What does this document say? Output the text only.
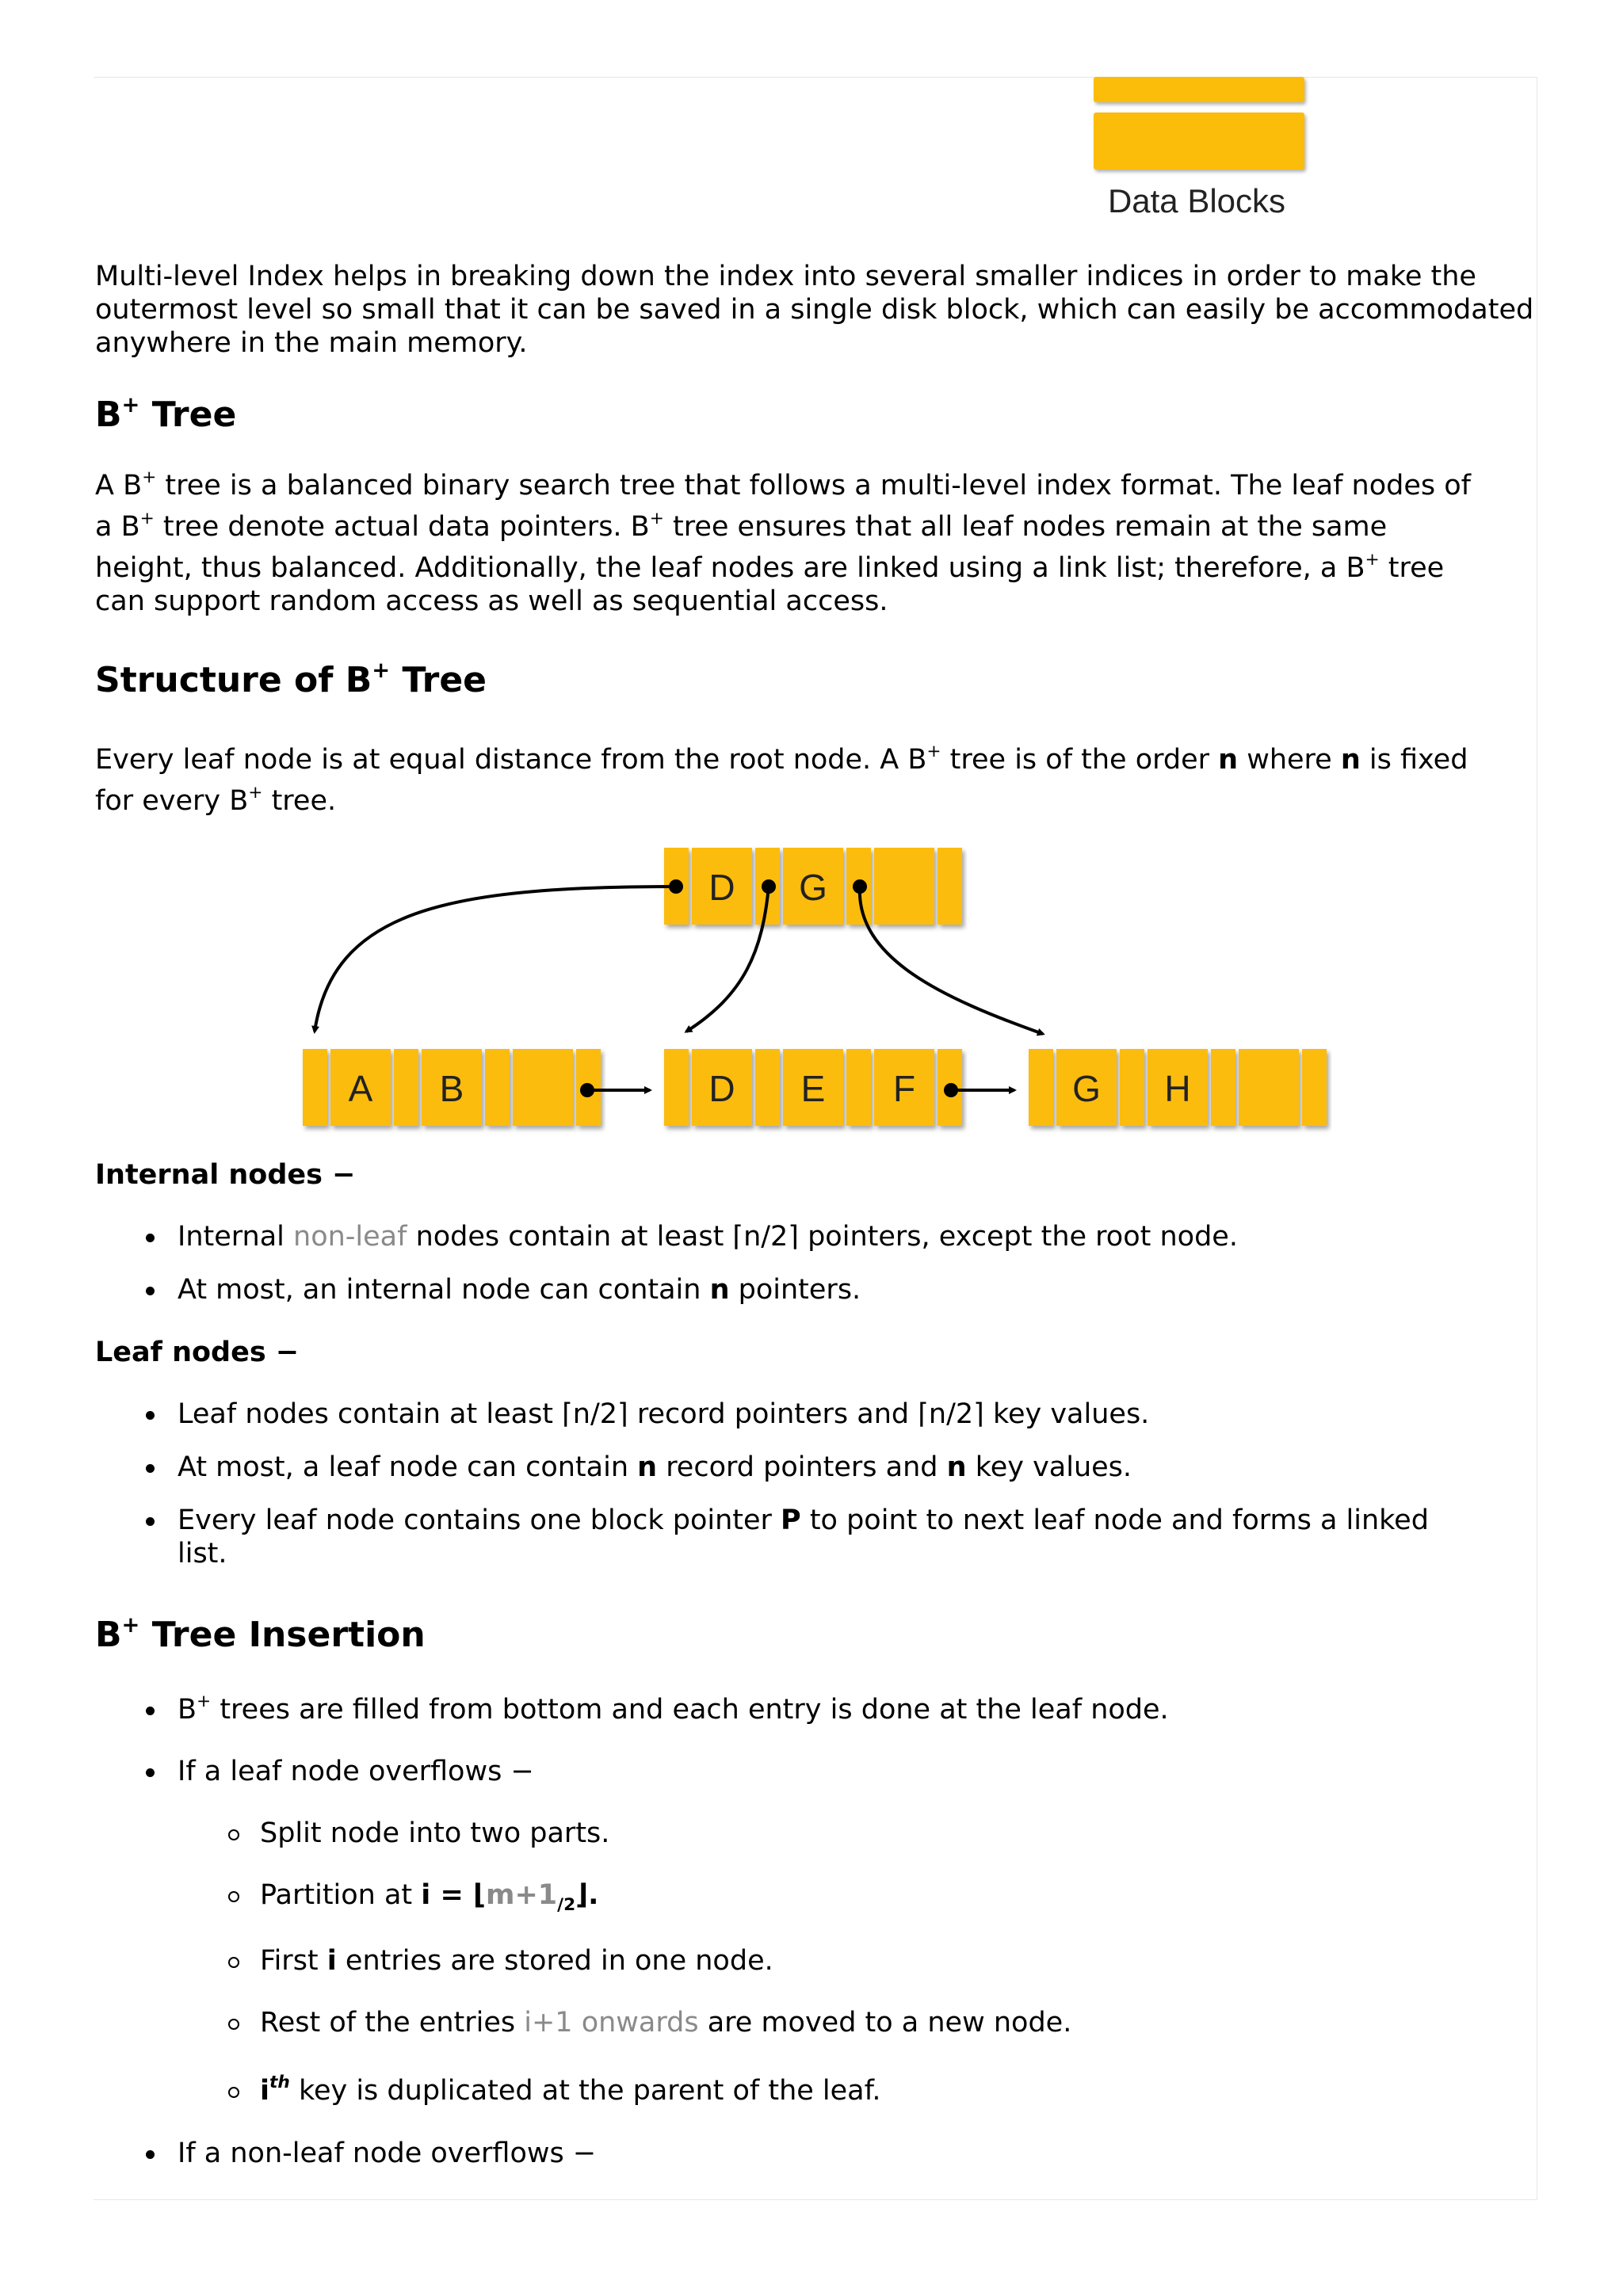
Data Blocks

Multi-level Index helps in breaking down the index into several smaller indices in order to make the outermost level so small that it can be saved in a single disk block, which can easily be accommodated anywhere in the main memory.

B+ Tree

A B+ tree is a balanced binary search tree that follows a multi-level index format. The leaf nodes of

a B+ tree denote actual data pointers. B+ tree ensures that all leaf nodes remain at the same

height, thus balanced. Additionally, the leaf nodes are linked using a link list; therefore, a B+ tree

can support random access as well as sequential access.

Structure of B+ Tree

Every leaf node is at equal distance from the root node. A B+ tree is of the order n where n is fixed

for every B+ tree.

D G
A B	D E F	G H
Internal nodes −
Internal non-leaf nodes contain at least ⌈n/2⌉ pointers, except the root node.
At most, an internal node can contain n pointers.
Leaf nodes −
Leaf nodes contain at least ⌈n/2⌉ record pointers and ⌈n/2⌉ key values.
At most, a leaf node can contain n record pointers and n key values.
Every leaf node contains one block pointer P to point to next leaf node and forms a linked
list.
B+ Tree Insertion
B+ trees are filled from bottom and each entry is done at the leaf node.
If a leaf node overflows −
Split node into two parts.
Partition at $i = ⌊m+1_{/2}⌋$.
First i entries are stored in one node.
Rest of the entries i+1 onwards are moved to a new node.
$i^{th}$ key is duplicated at the parent of the leaf.
If a non-leaf node overflows −
